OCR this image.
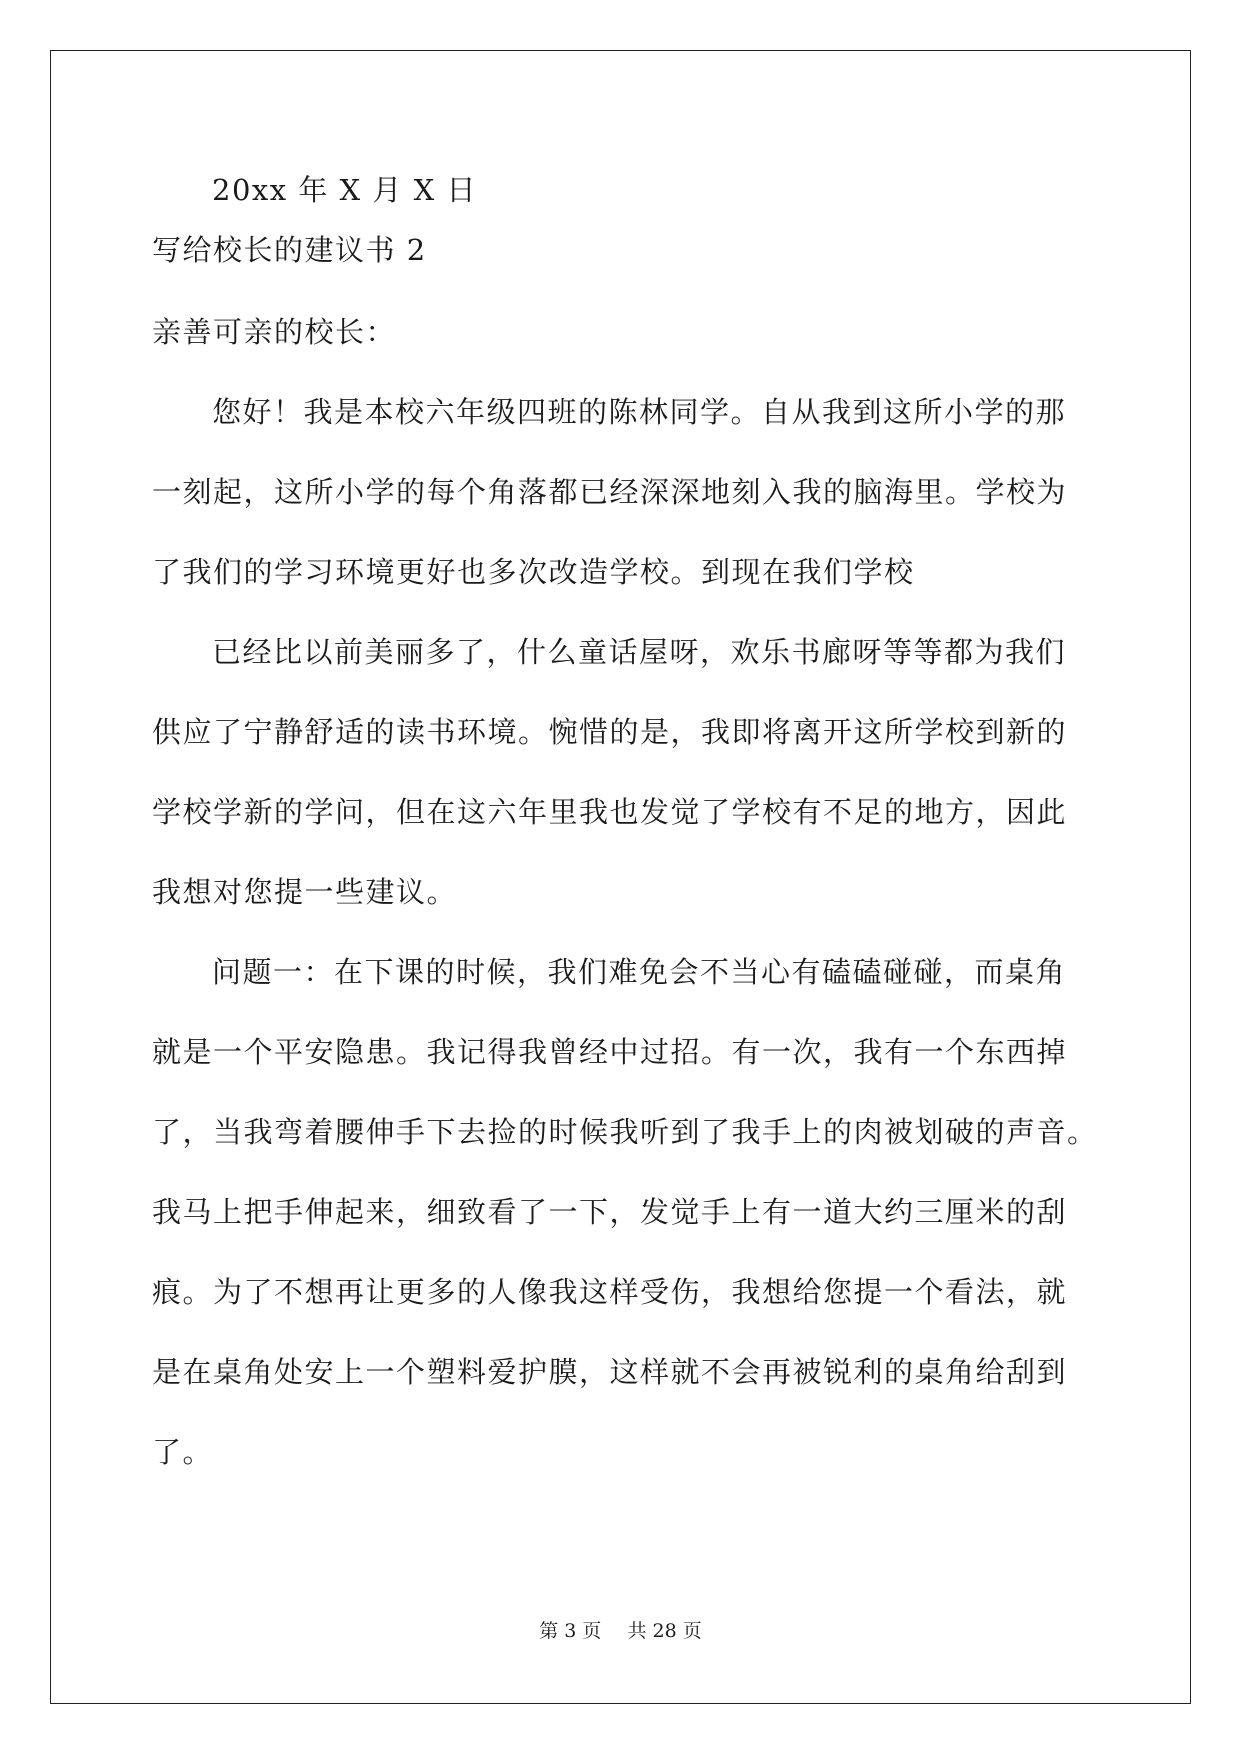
20xx 年 X 月 X 日
写给校长的建议书 2
亲善可亲的校长：
您好！我是本校六年级四班的陈林同学。自从我到这所小学的那
一刻起，这所小学的每个角落都已经深深地刻入我的脑海里。学校为
了我们的学习环境更好也多次改造学校。到现在我们学校
已经比以前美丽多了，什么童话屋呀，欢乐书廊呀等等都为我们
供应了宁静舒适的读书环境。惋惜的是，我即将离开这所学校到新的
学校学新的学问，但在这六年里我也发觉了学校有不足的地方，因此
我想对您提一些建议。
问题一：在下课的时候，我们难免会不当心有磕磕碰碰，而桌角
就是一个平安隐患。我记得我曾经中过招。有一次，我有一个东西掉
了，当我弯着腰伸手下去捡的时候我听到了我手上的肉被划破的声音。
我马上把手伸起来，细致看了一下，发觉手上有一道大约三厘米的刮
痕。为了不想再让更多的人像我这样受伤，我想给您提一个看法，就
是在桌角处安上一个塑料爱护膜，这样就不会再被锐利的桌角给刮到
了。
第 3 页 共 28 页
